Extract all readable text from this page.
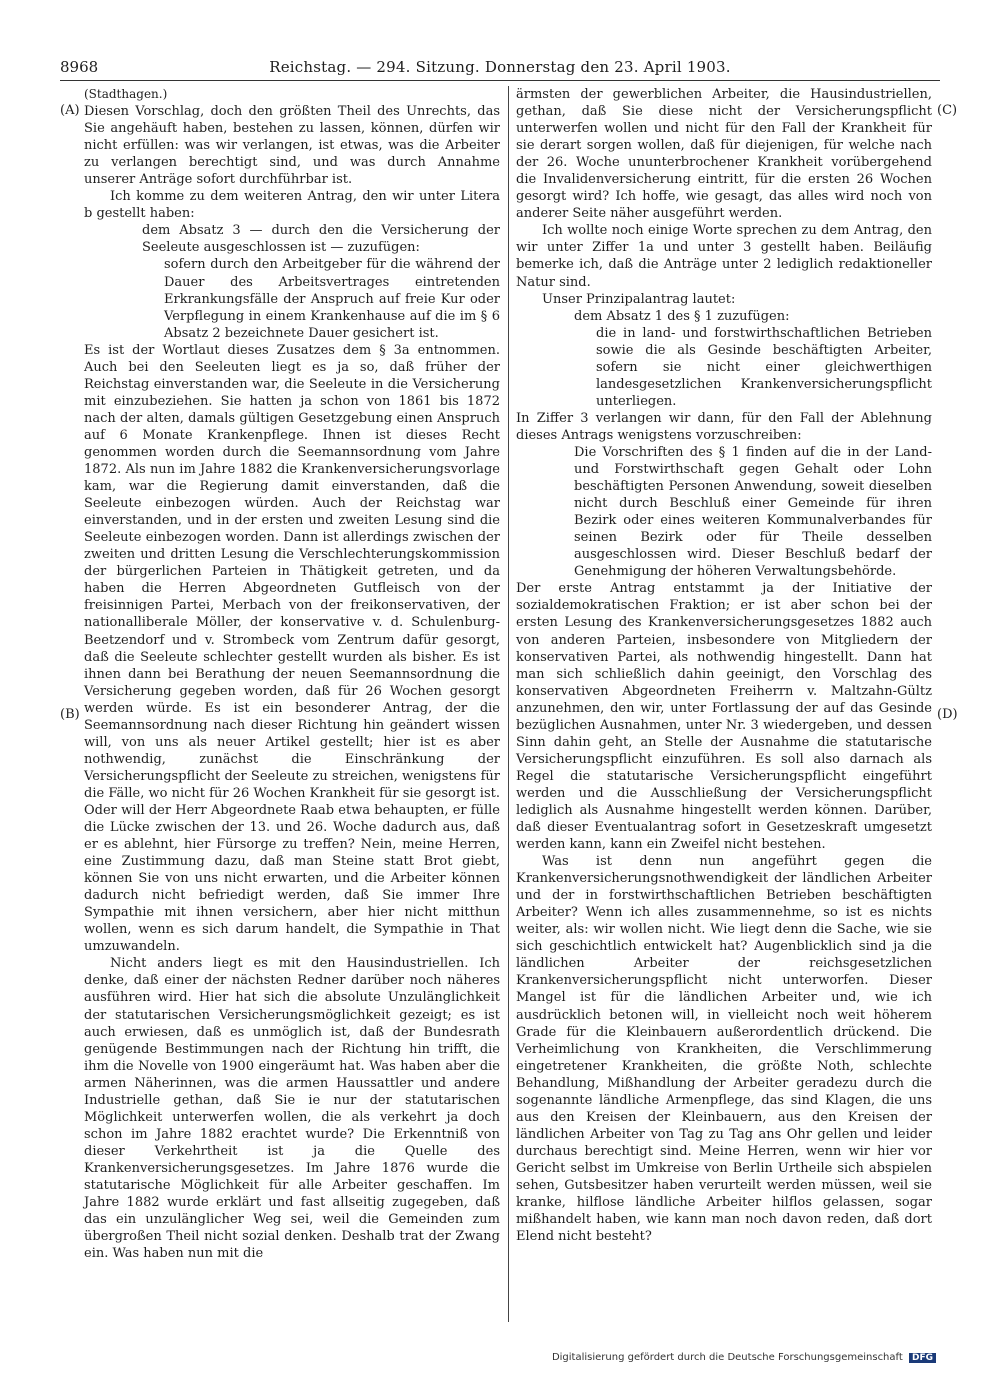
8968	Reichstag. — 294. Sitzung. Donnerstag den 23. April 1903.
(A)
(B)
(C)
(D)

(Stadthagen.)

Diesen Vorschlag, doch den größten Theil des Unrechts, das Sie angehäuft haben, bestehen zu lassen, können, dürfen wir nicht erfüllen: was wir verlangen, ist etwas, was die Arbeiter zu verlangen berechtigt sind, und was durch Annahme unserer Anträge sofort durchführbar ist.

Ich komme zu dem weiteren Antrag, den wir unter Litera b gestellt haben:

dem Absatz 3 — durch den die Versicherung der Seeleute ausgeschlossen ist — zuzufügen:

sofern durch den Arbeitgeber für die während der Dauer des Arbeitsvertrages eintretenden Erkrankungsfälle der Anspruch auf freie Kur oder Verpflegung in einem Krankenhause auf die im § 6 Absatz 2 bezeichnete Dauer gesichert ist.

Es ist der Wortlaut dieses Zusatzes dem § 3a entnommen. Auch bei den Seeleuten liegt es ja so, daß früher der Reichstag einverstanden war, die Seeleute in die Versicherung mit einzubeziehen. Sie hatten ja schon von 1861 bis 1872 nach der alten, damals gültigen Gesetzgebung einen Anspruch auf 6 Monate Krankenpflege. Ihnen ist dieses Recht genommen worden durch die Seemannsordnung vom Jahre 1872. Als nun im Jahre 1882 die Krankenversicherungsvorlage kam, war die Regierung damit einverstanden, daß die Seeleute einbezogen würden. Auch der Reichstag war einverstanden, und in der ersten und zweiten Lesung sind die Seeleute einbezogen worden. Dann ist allerdings zwischen der zweiten und dritten Lesung die Verschlechterungskommission der bürgerlichen Parteien in Thätigkeit getreten, und da haben die Herren Abgeordneten Gutfleisch von der freisinnigen Partei, Merbach von der freikonservativen, der nationalliberale Möller, der konservative v. d. Schulenburg-Beetzendorf und v. Strombeck vom Zentrum dafür gesorgt, daß die Seeleute schlechter gestellt wurden als bisher. Es ist ihnen dann bei Berathung der neuen Seemannsordnung die Versicherung gegeben worden, daß für 26 Wochen gesorgt werden würde. Es ist ein besonderer Antrag, der die Seemannsordnung nach dieser Richtung hin geändert wissen will, von uns als neuer Artikel gestellt; hier ist es aber nothwendig, zunächst die Einschränkung der Versicherungspflicht der Seeleute zu streichen, wenigstens für die Fälle, wo nicht für 26 Wochen Krankheit für sie gesorgt ist. Oder will der Herr Abgeordnete Raab etwa behaupten, er fülle die Lücke zwischen der 13. und 26. Woche dadurch aus, daß er es ablehnt, hier Fürsorge zu treffen? Nein, meine Herren, eine Zustimmung dazu, daß man Steine statt Brot giebt, können Sie von uns nicht erwarten, und die Arbeiter können dadurch nicht befriedigt werden, daß Sie immer Ihre Sympathie mit ihnen versichern, aber hier nicht mitthun wollen, wenn es sich darum handelt, die Sympathie in That umzuwandeln.

Nicht anders liegt es mit den Hausindustriellen. Ich denke, daß einer der nächsten Redner darüber noch näheres ausführen wird. Hier hat sich die absolute Unzulänglichkeit der statutarischen Versicherungsmöglichkeit gezeigt; es ist auch erwiesen, daß es unmöglich ist, daß der Bundesrath genügende Bestimmungen nach der Richtung hin trifft, die ihm die Novelle von 1900 eingeräumt hat. Was haben aber die armen Näherinnen, was die armen Haussattler und andere Industrielle gethan, daß Sie ie nur der statutarischen Möglichkeit unterwerfen wollen, die als verkehrt ja doch schon im Jahre 1882 erachtet wurde? Die Erkenntniß von dieser Verkehrtheit ist ja die Quelle des Krankenversicherungsgesetzes. Im Jahre 1876 wurde die statutarische Möglichkeit für alle Arbeiter geschaffen. Im Jahre 1882 wurde erklärt und fast allseitig zugegeben, daß das ein unzulänglicher Weg sei, weil die Gemeinden zum übergroßen Theil nicht sozial denken. Deshalb trat der Zwang ein. Was haben nun mit die

ärmsten der gewerblichen Arbeiter, die Hausindustriellen, gethan, daß Sie diese nicht der Versicherungspflicht unterwerfen wollen und nicht für den Fall der Krankheit für sie derart sorgen wollen, daß für diejenigen, für welche nach der 26. Woche ununterbrochener Krankheit vorübergehend die Invalidenversicherung eintritt, für die ersten 26 Wochen gesorgt wird? Ich hoffe, wie gesagt, das alles wird noch von anderer Seite näher ausgeführt werden.

Ich wollte noch einige Worte sprechen zu dem Antrag, den wir unter Ziffer 1a und unter 3 gestellt haben. Beiläufig bemerke ich, daß die Anträge unter 2 lediglich redaktioneller Natur sind.

Unser Prinzipalantrag lautet:

dem Absatz 1 des § 1 zuzufügen:

die in land- und forstwirthschaftlichen Betrieben sowie die als Gesinde beschäftigten Arbeiter, sofern sie nicht einer gleichwerthigen landesgesetzlichen Krankenversicherungspflicht unterliegen.

In Ziffer 3 verlangen wir dann, für den Fall der Ablehnung dieses Antrags wenigstens vorzuschreiben:

Die Vorschriften des § 1 finden auf die in der Land- und Forstwirthschaft gegen Gehalt oder Lohn beschäftigten Personen Anwendung, soweit dieselben nicht durch Beschluß einer Gemeinde für ihren Bezirk oder eines weiteren Kommunalverbandes für seinen Bezirk oder für Theile desselben ausgeschlossen wird. Dieser Beschluß bedarf der Genehmigung der höheren Verwaltungsbehörde.

Der erste Antrag entstammt ja der Initiative der sozialdemokratischen Fraktion; er ist aber schon bei der ersten Lesung des Krankenversicherungsgesetzes 1882 auch von anderen Parteien, insbesondere von Mitgliedern der konservativen Partei, als nothwendig hingestellt. Dann hat man sich schließlich dahin geeinigt, den Vorschlag des konservativen Abgeordneten Freiherrn v. Maltzahn-Gültz anzunehmen, den wir, unter Fortlassung der auf das Gesinde bezüglichen Ausnahmen, unter Nr. 3 wiedergeben, und dessen Sinn dahin geht, an Stelle der Ausnahme die statutarische Versicherungspflicht einzuführen. Es soll also darnach als Regel die statutarische Versicherungspflicht eingeführt werden und die Ausschließung der Versicherungspflicht lediglich als Ausnahme hingestellt werden können. Darüber, daß dieser Eventualantrag sofort in Gesetzeskraft umgesetzt werden kann, kann ein Zweifel nicht bestehen.

Was ist denn nun angeführt gegen die Krankenversicherungsnothwendigkeit der ländlichen Arbeiter und der in forstwirthschaftlichen Betrieben beschäftigten Arbeiter? Wenn ich alles zusammennehme, so ist es nichts weiter, als: wir wollen nicht. Wie liegt denn die Sache, wie sie sich geschichtlich entwickelt hat? Augenblicklich sind ja die ländlichen Arbeiter der reichsgesetzlichen Krankenversicherungspflicht nicht unterworfen. Dieser Mangel ist für die ländlichen Arbeiter und, wie ich ausdrücklich betonen will, in vielleicht noch weit höherem Grade für die Kleinbauern außerordentlich drückend. Die Verheimlichung von Krankheiten, die Verschlimmerung eingetretener Krankheiten, die größte Noth, schlechte Behandlung, Mißhandlung der Arbeiter geradezu durch die sogenannte ländliche Armenpflege, das sind Klagen, die uns aus den Kreisen der Kleinbauern, aus den Kreisen der ländlichen Arbeiter von Tag zu Tag ans Ohr gellen und leider durchaus berechtigt sind. Meine Herren, wenn wir hier vor Gericht selbst im Umkreise von Berlin Urtheile sich abspielen sehen, Gutsbesitzer haben verurteilt werden müssen, weil sie kranke, hilflose ländliche Arbeiter hilflos gelassen, sogar mißhandelt haben, wie kann man noch davon reden, daß dort Elend nicht besteht?

Digitalisierung gefördert durch die Deutsche Forschungsgemeinschaft DFG
